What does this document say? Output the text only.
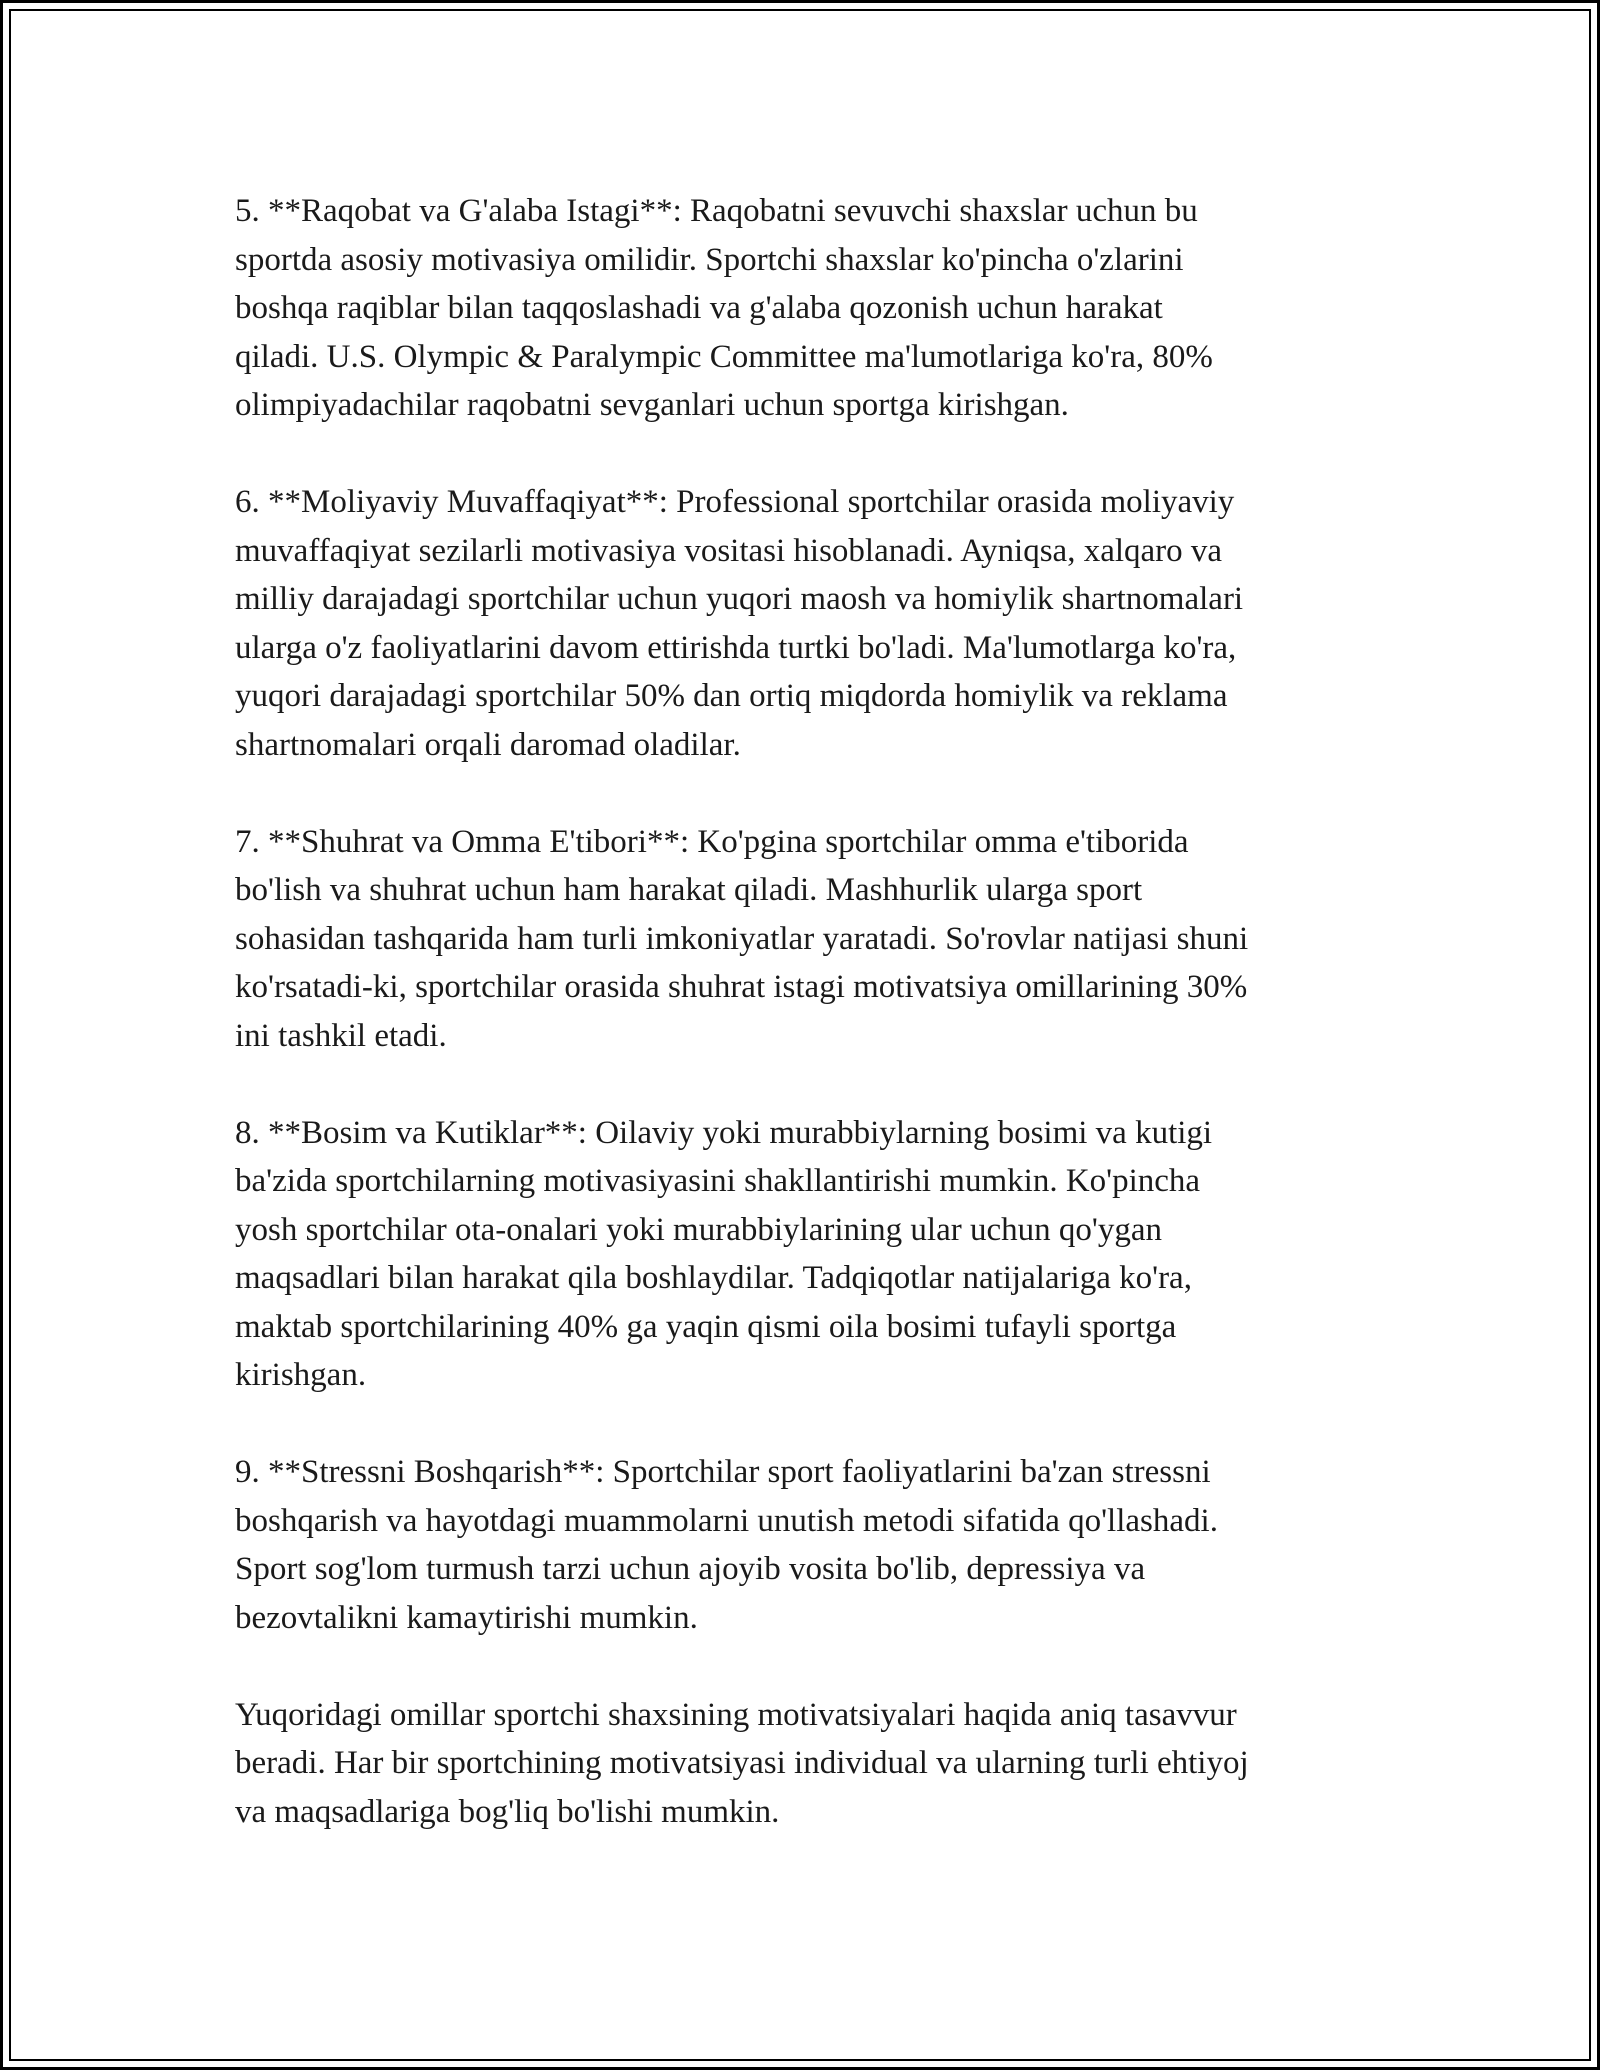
5. **Raqobat va G'alaba Istagi**: Raqobatni sevuvchi shaxslar uchun bu
sportda asosiy motivasiya omilidir. Sportchi shaxslar ko'pincha o'zlarini
boshqa raqiblar bilan taqqoslashadi va g'alaba qozonish uchun harakat
qiladi. U.S. Olympic & Paralympic Committee ma'lumotlariga ko'ra, 80%
olimpiyadachilar raqobatni sevganlari uchun sportga kirishgan.

6. **Moliyaviy Muvaffaqiyat**: Professional sportchilar orasida moliyaviy
muvaffaqiyat sezilarli motivasiya vositasi hisoblanadi. Ayniqsa, xalqaro va
milliy darajadagi sportchilar uchun yuqori maosh va homiylik shartnomalari
ularga o'z faoliyatlarini davom ettirishda turtki bo'ladi. Ma'lumotlarga ko'ra,
yuqori darajadagi sportchilar 50% dan ortiq miqdorda homiylik va reklama
shartnomalari orqali daromad oladilar.

7. **Shuhrat va Omma E'tibori**: Ko'pgina sportchilar omma e'tiborida
bo'lish va shuhrat uchun ham harakat qiladi. Mashhurlik ularga sport
sohasidan tashqarida ham turli imkoniyatlar yaratadi. So'rovlar natijasi shuni
ko'rsatadi-ki, sportchilar orasida shuhrat istagi motivatsiya omillarining 30%
ini tashkil etadi.

8. **Bosim va Kutiklar**: Oilaviy yoki murabbiylarning bosimi va kutigi
ba'zida sportchilarning motivasiyasini shakllantirishi mumkin. Ko'pincha
yosh sportchilar ota-onalari yoki murabbiylarining ular uchun qo'ygan
maqsadlari bilan harakat qila boshlaydilar. Tadqiqotlar natijalariga ko'ra,
maktab sportchilarining 40% ga yaqin qismi oila bosimi tufayli sportga
kirishgan.

9. **Stressni Boshqarish**: Sportchilar sport faoliyatlarini ba'zan stressni
boshqarish va hayotdagi muammolarni unutish metodi sifatida qo'llashadi.
Sport sog'lom turmush tarzi uchun ajoyib vosita bo'lib, depressiya va
bezovtalikni kamaytirishi mumkin.

Yuqoridagi omillar sportchi shaxsining motivatsiyalari haqida aniq tasavvur
beradi. Har bir sportchining motivatsiyasi individual va ularning turli ehtiyoj
va maqsadlariga bog'liq bo'lishi mumkin.
